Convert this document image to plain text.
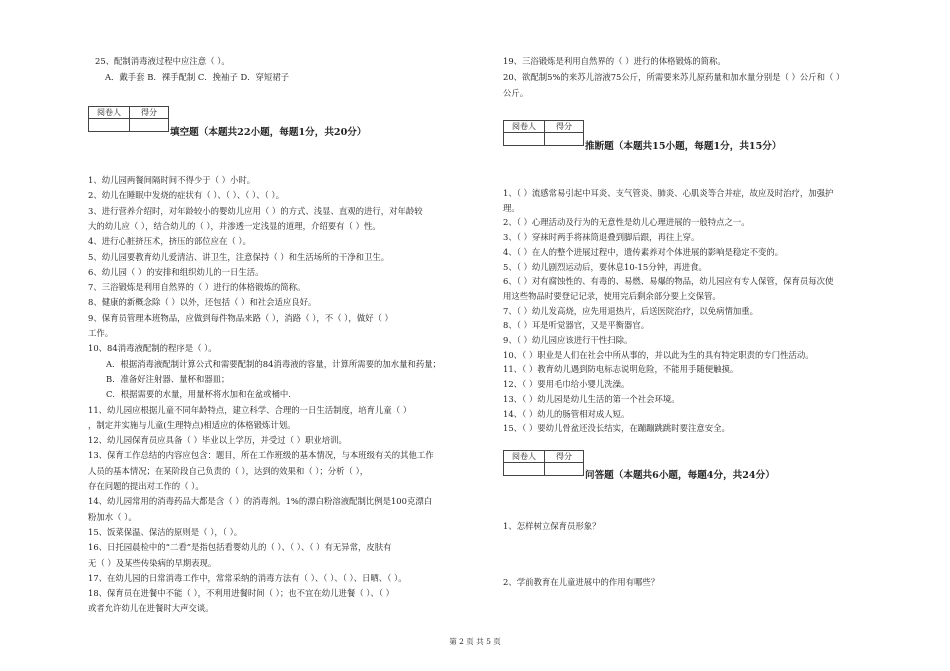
25、配制消毒液过程中应注意（ ）。
A．戴手套 B．裸手配制 C．挽袖子 D．穿短裙子
阅卷人	得分

填空题（本题共22小题，每题1分，共20分）
1、幼儿园两餐间隔时间不得少于（ ）小时。
2、幼儿在睡眠中发烧的症状有（ ）、（ ）、（ ）、（ ）。
3、进行营养介绍时，对年龄较小的婴幼儿应用（ ）的方式、浅显、直观的进行，对年龄较
大的幼儿应（ ），结合幼儿的（ ），并渗透一定浅显的道理，介绍要有（ ）性。
4、进行心脏挤压术，挤压的部位应在（ ）。
5、幼儿园要教育幼儿爱清洁、讲卫生，注意保持（ ）和生活场所的干净和卫生。
6、幼儿园（ ）的安排和组织幼儿的一日生活。
7、三浴锻炼是利用自然界的（ ）进行的体格锻炼的简称。
8、健康的新概念除（ ）以外，还包括（ ）和社会适应良好。
9、保育员管理本班物品，应做到每件物品来路（ ），消路（ ），不（ ），做好（ ）
工作。
10、84消毒液配制的程序是（ ）。
A．根据消毒液配制计算公式和需要配制的84消毒液的容量，计算所需要的加水量和药量；
B．准备好注射器、量杯和器皿；
C．根据需要的水量，用量杯将水加和在盆或桶中.
11、幼儿园应根据儿童不同年龄特点，建立科学、合理的一日生活制度，培育儿童（ ）
，制定并实施与儿童(生理特点)相适应的体格锻炼计划。
12、幼儿园保育员应具备（ ）毕业以上学历，并受过（ ）职业培训。
13、保育工作总结的内容应包含：题目，所在工作班级的基本情况，与本班级有关的其他工作
人员的基本情况；在某阶段自己负责的（ ），达到的效果和（ ）；分析（ ），
存在问题的提出对工作的（ ）。
14、幼儿园常用的消毒药品大都是含（ ）的消毒剂。1%的漂白粉溶液配制比例是100克漂白
粉加水（ ）。
15、饭菜保温、保洁的原则是（ ），（ ）。
16、日托园晨检中的“二看”是指包括看婴幼儿的（ ）、（ ）、（ ）有无异常，皮肤有
无（ ）及某些传染病的早期表现。
17、在幼儿园的日常消毒工作中，常常采纳的消毒方法有（ ）、（ ）、（ ）、日晒、（ ）。
18、保育员在进餐中不能（ ），不利用进餐时间（ ）；也不宜在幼儿进餐（ ）、（ ）
或者允许幼儿在进餐时大声交谈。
19、三浴锻炼是利用自然界的（ ）进行的体格锻炼的简称。
20、欲配制5%的来苏儿溶液75公斤，所需要来苏儿原药量和加水量分别是（ ）公斤和（ ）
公斤。
阅卷人	得分

推断题（本题共15小题，每题1分，共15分）
1、（ ）流感常易引起中耳炎、支气管炎、肺炎、心肌炎等合并症，故应及时治疗，加强护
理。
2、（ ）心理活动及行为的无意性是幼儿心理进展的一般特点之一。
3、（ ）穿袜时两手将袜筒退叠到脚后跟，再往上穿。
4、（ ）在人的整个进展过程中，遗传素养对个体进展的影响是稳定不变的。
5、（ ）幼儿剧烈运动后，要休息10-15分钟，再进食。
6、（ ）对有腐蚀性的、有毒的、易燃、易爆的物品，幼儿园应有专人保管，保育员每次使
用这些物品时要登记记录，使用完后剩余部分要上交保管。
7、（ ）幼儿发高烧，应先用退热片，后送医院治疗，以免病情加重。
8、（ ）耳是听觉器官，又是平衡器官。
9、（ ）幼儿园应该进行干性扫除。
10、（ ）职业是人们在社会中所从事的，并以此为生的具有特定职责的专门性活动。
11、（ ）教育幼儿遇到防电标志说明危险，不能用手随便触摸。
12、（ ）要用毛巾给小婴儿洗澡。
13、（ ）幼儿园是幼儿生活的第一个社会环境。
14、（ ）幼儿的肠管相对成人短。
15、（ ）要幼儿骨盆还没长结实，在蹦蹦跳跳时要注意安全。
阅卷人	得分

问答题（本题共6小题，每题4分，共24分）
1、怎样树立保育员形象？
2、学前教育在儿童进展中的作用有哪些？
第 2 页 共 5 页
